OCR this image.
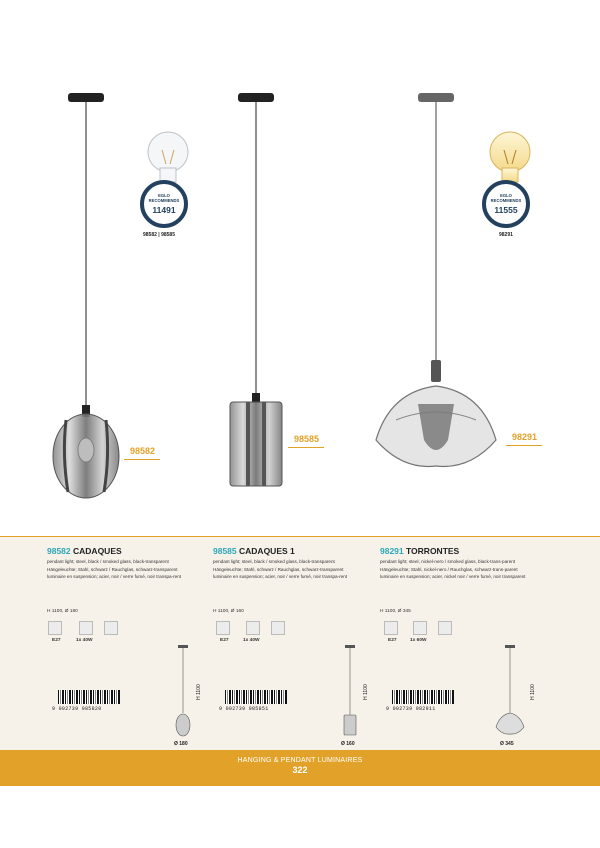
EGLO
RECOMMENDS
11491
98582 | 98585
EGLO
RECOMMENDS
11555
98291
98582
98585	98291
98582 CADAQUES

pendant light; steel, black / smoked glass, black-transparent

Hängeleuchte; Stahl, schwarz / Rauchglas, schwarz-transparent

luminaire en suspension; acier, noir / verre fumé, noir transpa-rent

H 1100, Ø 180
E27	1x 40W
9 002739 985820
H 1100
Ø 180
98585 CADAQUES 1

pendant light; steel, black / smoked glass, black-transparent

Hängeleuchte; Stahl, schwarz / Rauchglas, schwarz-transparent

luminaire en suspension; acier, noir / verre fumé, noir transpa-rent

H 1100, Ø 160
E27	1x 40W
9 002739 985851
H 1100
Ø 160
98291 TORRONTES

pendant light; steel, nickel-nero / smoked glass, black-trans-parent

Hängeleuchte; Stahl, nickel-nero / Rauchglas, schwarz-trans-parent

luminaire en suspension; acier, nickel noir / verre fumé, noir transparent

H 1100, Ø 345
E27	1x 60W
9 002739 982911
H 1100
Ø 345
HANGING & PENDANT LUMINAIRES
322
